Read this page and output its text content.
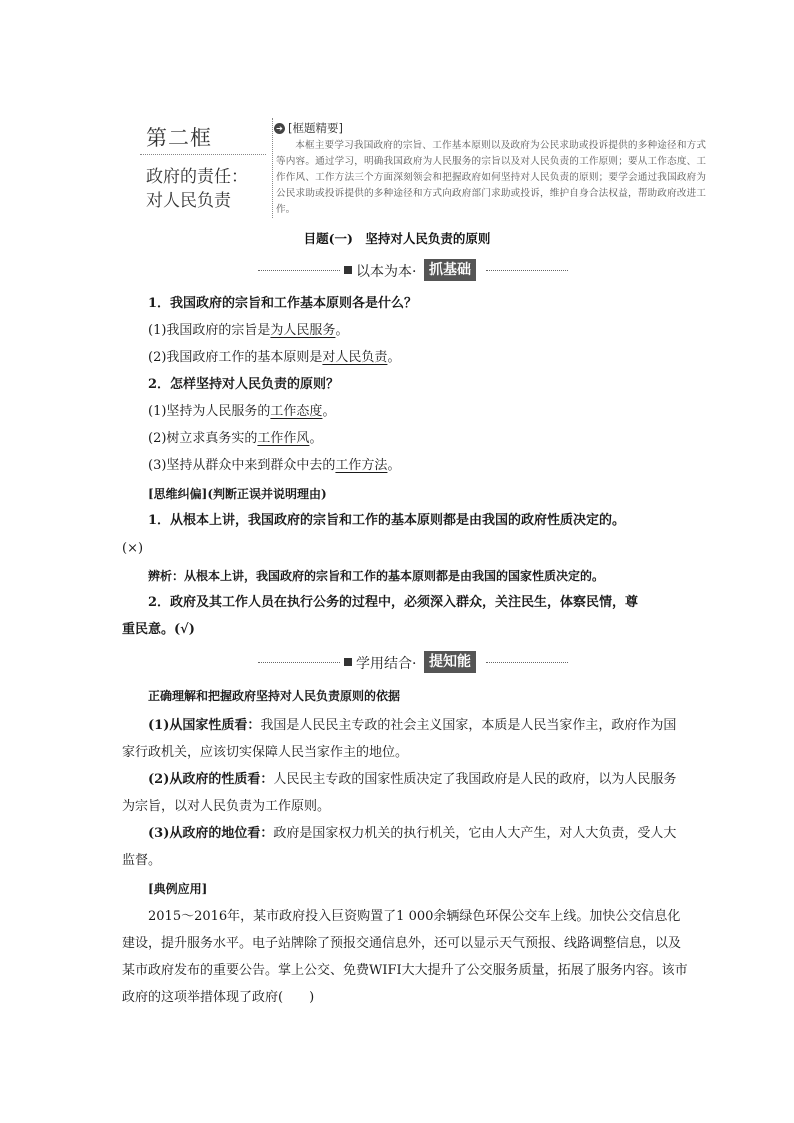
第二框
政府的责任：
对人民负责
➔ [框题精要]
本框主要学习我国政府的宗旨、工作基本原则以及政府为公民求助或投诉提供的多种途径和方式等内容。通过学习，明确我国政府为人民服务的宗旨以及对人民负责的工作原则；要从工作态度、工作作风、工作方法三个方面深刻领会和把握政府如何坚持对人民负责的原则；要学会通过我国政府为公民求助或投诉提供的多种途径和方式向政府部门求助或投诉，维护自身合法权益，帮助政府改进工作。
目题(一)　坚持对人民负责的原则
以本为本· 抓基础
1．我国政府的宗旨和工作基本原则各是什么？
(1)我国政府的宗旨是为人民服务。
(2)我国政府工作的基本原则是对人民负责。
2．怎样坚持对人民负责的原则？
(1)坚持为人民服务的工作态度。
(2)树立求真务实的工作作风。
(3)坚持从群众中来到群众中去的工作方法。
[思维纠偏](判断正误并说明理由)
1．从根本上讲，我国政府的宗旨和工作的基本原则都是由我国的政府性质决定的。
(×)
辨析：从根本上讲，我国政府的宗旨和工作的基本原则都是由我国的国家性质决定的。
2．政府及其工作人员在执行公务的过程中，必须深入群众，关注民生，体察民情，尊
重民意。(√)
学用结合· 提知能
正确理解和把握政府坚持对人民负责原则的依据
(1)从国家性质看：我国是人民民主专政的社会主义国家，本质是人民当家作主，政府作为国家行政机关，应该切实保障人民当家作主的地位。
(2)从政府的性质看：人民民主专政的国家性质决定了我国政府是人民的政府，以为人民服务为宗旨，以对人民负责为工作原则。
(3)从政府的地位看：政府是国家权力机关的执行机关，它由人大产生，对人大负责，受人大监督。
[典例应用]
2015～2016年，某市政府投入巨资购置了1 000余辆绿色环保公交车上线。加快公交信息化建设，提升服务水平。电子站牌除了预报交通信息外，还可以显示天气预报、线路调整信息，以及某市政府发布的重要公告。掌上公交、免费WIFI大大提升了公交服务质量，拓展了服务内容。该市政府的这项举措体现了政府(　　)
